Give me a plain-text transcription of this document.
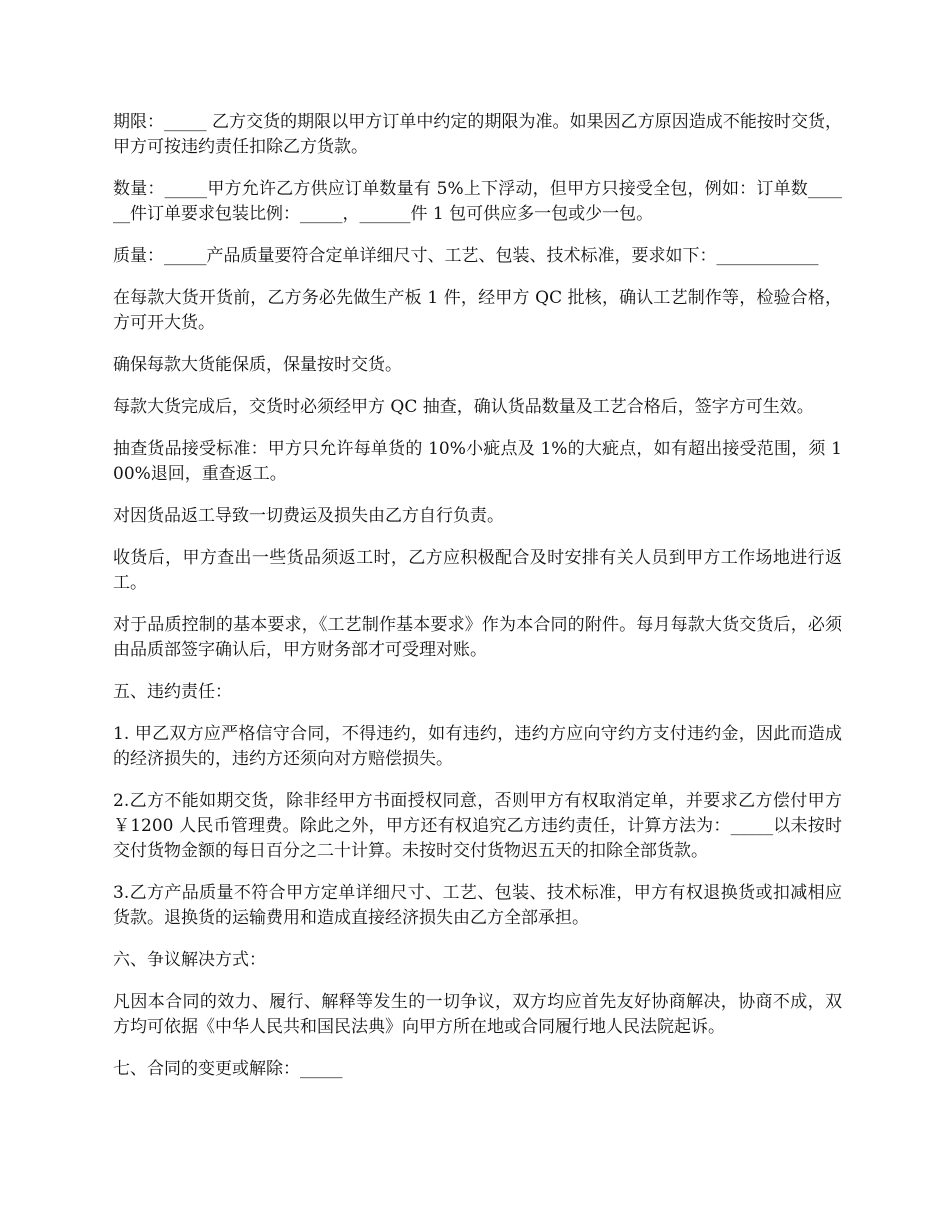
期限：_____ 乙方交货的期限以甲方订单中约定的期限为准。如果因乙方原因造成不能按时交货，甲方可按违约责任扣除乙方货款。

数量：_____甲方允许乙方供应订单数量有 5%上下浮动，但甲方只接受全包，例如：订单数______件订单要求包装比例：_____，______件 1 包可供应多一包或少一包。

质量：_____产品质量要符合定单详细尺寸、工艺、包装、技术标准，要求如下：____________

在每款大货开货前，乙方务必先做生产板 1 件，经甲方 QC 批核，确认工艺制作等，检验合格，方可开大货。

确保每款大货能保质，保量按时交货。

每款大货完成后，交货时必须经甲方 QC 抽查，确认货品数量及工艺合格后，签字方可生效。

抽查货品接受标准：甲方只允许每单货的 10%小疵点及 1%的大疵点，如有超出接受范围，须 100%退回，重查返工。

对因货品返工导致一切费运及损失由乙方自行负责。

收货后，甲方查出一些货品须返工时，乙方应积极配合及时安排有关人员到甲方工作场地进行返工。

对于品质控制的基本要求，《工艺制作基本要求》作为本合同的附件。每月每款大货交货后，必须由品质部签字确认后，甲方财务部才可受理对账。

五、违约责任：

1. 甲乙双方应严格信守合同，不得违约，如有违约，违约方应向守约方支付违约金，因此而造成的经济损失的，违约方还须向对方赔偿损失。

2.乙方不能如期交货，除非经甲方书面授权同意，否则甲方有权取消定单，并要求乙方偿付甲方￥1200 人民币管理费。除此之外，甲方还有权追究乙方违约责任，计算方法为：_____以未按时交付货物金额的每日百分之二十计算。未按时交付货物迟五天的扣除全部货款。

3.乙方产品质量不符合甲方定单详细尺寸、工艺、包装、技术标准，甲方有权退换货或扣减相应货款。退换货的运输费用和造成直接经济损失由乙方全部承担。

六、争议解决方式：

凡因本合同的效力、履行、解释等发生的一切争议，双方均应首先友好协商解决，协商不成，双方均可依据《中华人民共和国民法典》向甲方所在地或合同履行地人民法院起诉。

七、合同的变更或解除：_____
